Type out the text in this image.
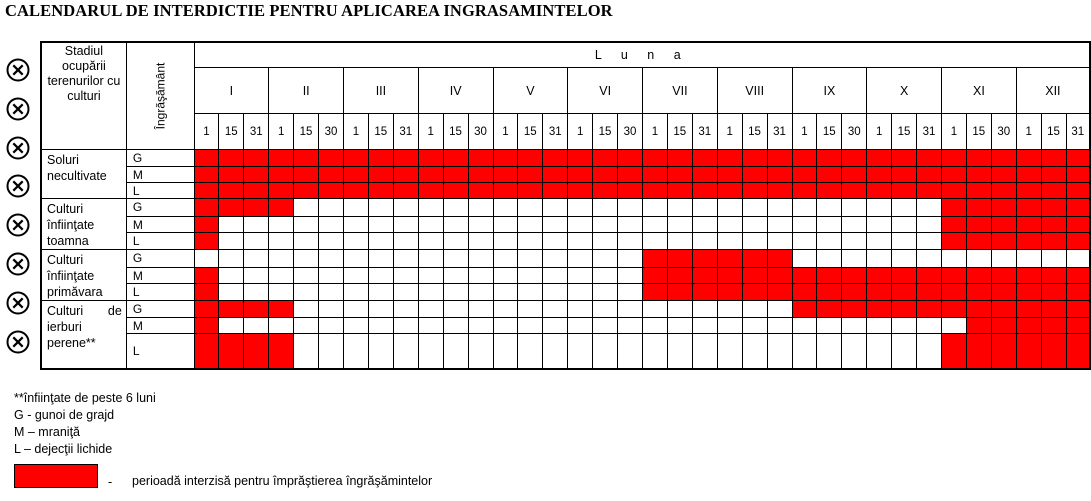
CALENDARUL DE INTERDICTIE PENTRU APLICAREA INGRASAMINTELOR
Stadiul ocupării terenurilor cu culturi	Îngrăşământ	L u n a																																			
		I			II			III			IV			V			VI			VII			VIII			IX			X			XI			XII		
		1	15	31	1	15	30	1	15	31	1	15	30	1	15	31	1	15	30	1	15	31	1	15	31	1	15	30	1	15	31	1	15	30	1	15	31
Soluri necultivate	G																																				
	M																																				
	L																																				
Culturi înfiinţate toamna	G																																				
	M																																				
	L																																				
Culturi înfiinţate primăvara	G																																				
	M																																				
	L																																				
Culturi de ierburi perene**	G																																				
	M																																				
	L																																				
**înfiinţate de peste 6 luni
G - gunoi de grajd
M – mraniţă
L – dejecţii lichide
- perioadă interzisă pentru împrăştierea îngrăşămintelor
